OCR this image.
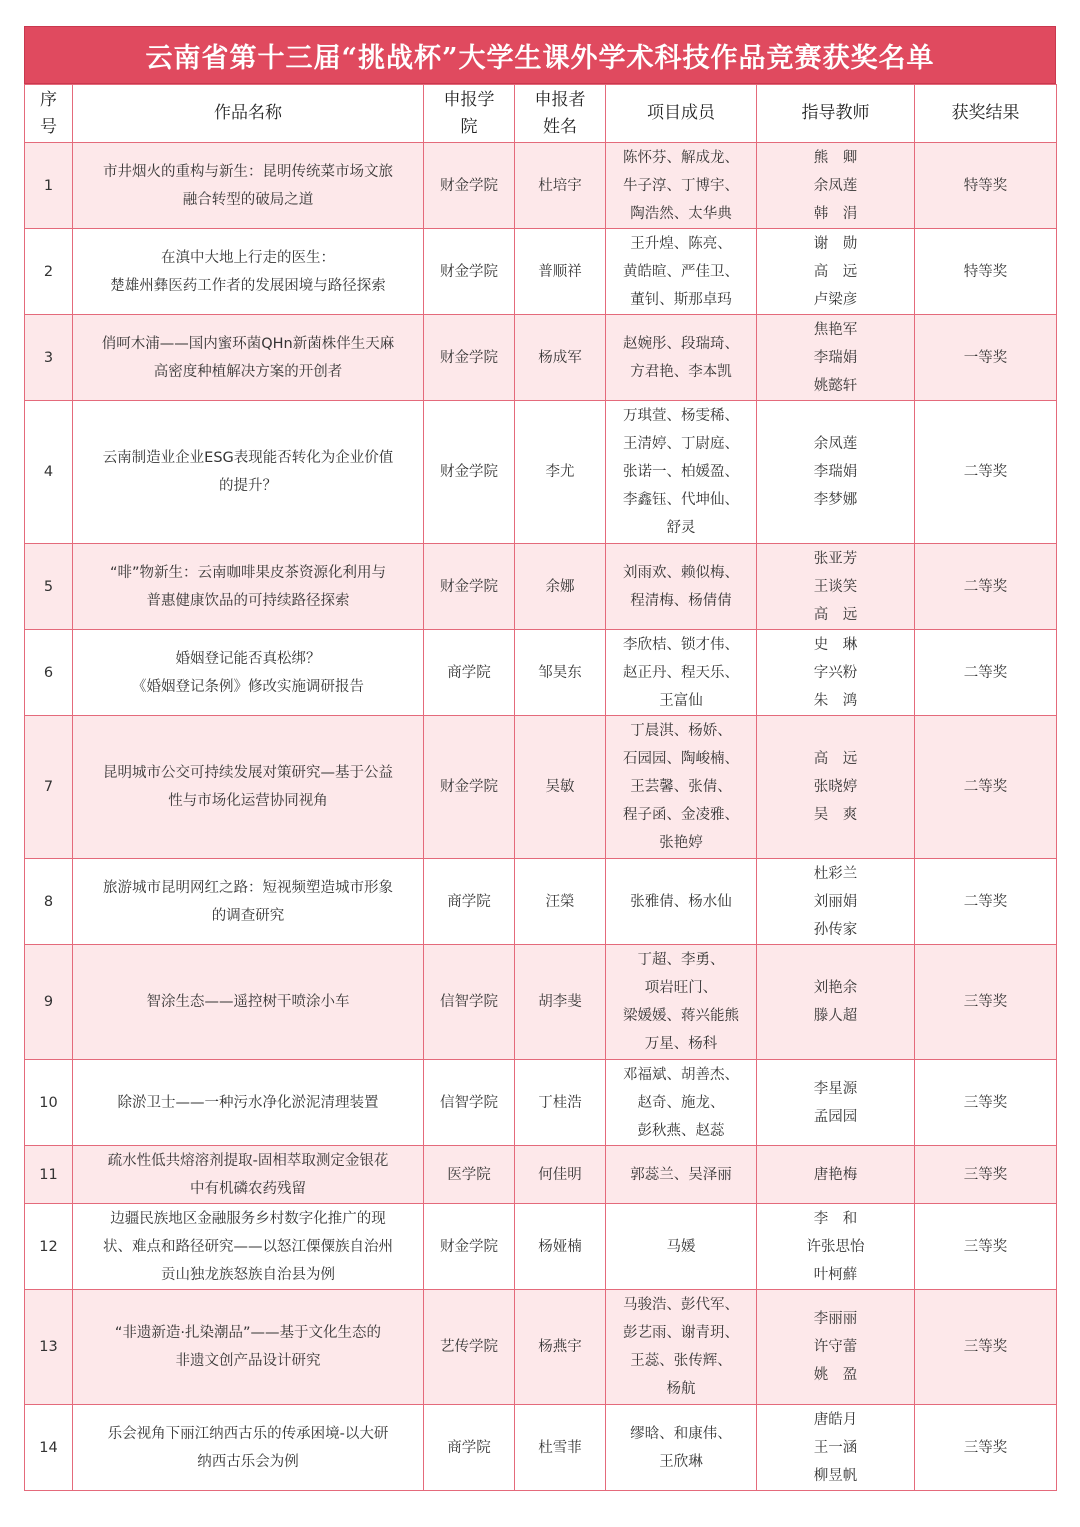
云南省第十三届“挑战杯”大学生课外学术科技作品竞赛获奖名单
序
号	作品名称	申报学
院	申报者
姓名	项目成员	指导教师	获奖结果
1	市井烟火的重构与新生：昆明传统菜市场文旅
融合转型的破局之道	财金学院	杜培宇	陈怀芬、解成龙、
牛子淳、丁博宇、
陶浩然、太华典	熊　卿
余凤莲
韩　涓	特等奖
2	在滇中大地上行走的医生：
楚雄州彝医药工作者的发展困境与路径探索	财金学院	普顺祥	王升煌、陈亮、
黄皓暄、严佳卫、
董钊、斯那卓玛	谢　勋
高　远
卢梁彦	特等奖
3	俏呵木浦——国内蜜环菌QHn新菌株伴生天麻
高密度种植解决方案的开创者	财金学院	杨成军	赵婉彤、段瑞琦、
方君艳、李本凯	焦艳军
李瑞娟
姚懿轩	一等奖
4	云南制造业企业ESG表现能否转化为企业价值
的提升？	财金学院	李尤	万琪萱、杨雯稀、
王清婷、丁尉庭、
张诺一、柏媛盈、
李鑫钰、代坤仙、
舒灵	余凤莲
李瑞娟
李梦娜	二等奖
5	“啡”物新生：云南咖啡果皮茶资源化利用与
普惠健康饮品的可持续路径探索	财金学院	余娜	刘雨欢、赖似梅、
程清梅、杨倩倩	张亚芳
王谈笑
高　远	二等奖
6	婚姻登记能否真松绑？
《婚姻登记条例》修改实施调研报告	商学院	邹昊东	李欣桔、锁才伟、
赵正丹、程天乐、
王富仙	史　琳
字兴粉
朱　鸿	二等奖
7	昆明城市公交可持续发展对策研究—基于公益
性与市场化运营协同视角	财金学院	吴敏	丁晨淇、杨娇、
石园园、陶峻楠、
王芸馨、张倩、
程子函、金凌雅、
张艳婷	高　远
张晓婷
吴　爽	二等奖
8	旅游城市昆明网红之路：短视频塑造城市形象
的调查研究	商学院	汪榮	张雅倩、杨水仙	杜彩兰
刘丽娟
孙传家	二等奖
9	智涂生态——遥控树干喷涂小车	信智学院	胡李斐	丁超、李勇、
项岩旺门、
梁媛媛、蒋兴能熊
万星、杨科	刘艳余
滕人超	三等奖
10	除淤卫士——一种污水净化淤泥清理装置	信智学院	丁桂浩	邓福斌、胡善杰、
赵奇、施龙、
彭秋燕、赵蕊	李星源
孟园园	三等奖
11	疏水性低共熔溶剂提取-固相萃取测定金银花
中有机磷农药残留	医学院	何佳明	郭蕊兰、吴泽丽	唐艳梅	三等奖
12	边疆民族地区金融服务乡村数字化推广的现
状、难点和路径研究——以怒江傈僳族自治州
贡山独龙族怒族自治县为例	财金学院	杨娅楠	马媛	李　和
许张思怡
叶柯蘚	三等奖
13	“非遗新造·扎染潮品”——基于文化生态的
非遗文创产品设计研究	艺传学院	杨燕宇	马骏浩、彭代军、
彭艺雨、谢青玥、
王蕊、张传辉、
杨航	李丽丽
许守蕾
姚　盈	三等奖
14	乐会视角下丽江纳西古乐的传承困境-以大研
纳西古乐会为例	商学院	杜雪菲	缪晗、和康伟、
王欣琳	唐皓月
王一涵
柳昱帆	三等奖
